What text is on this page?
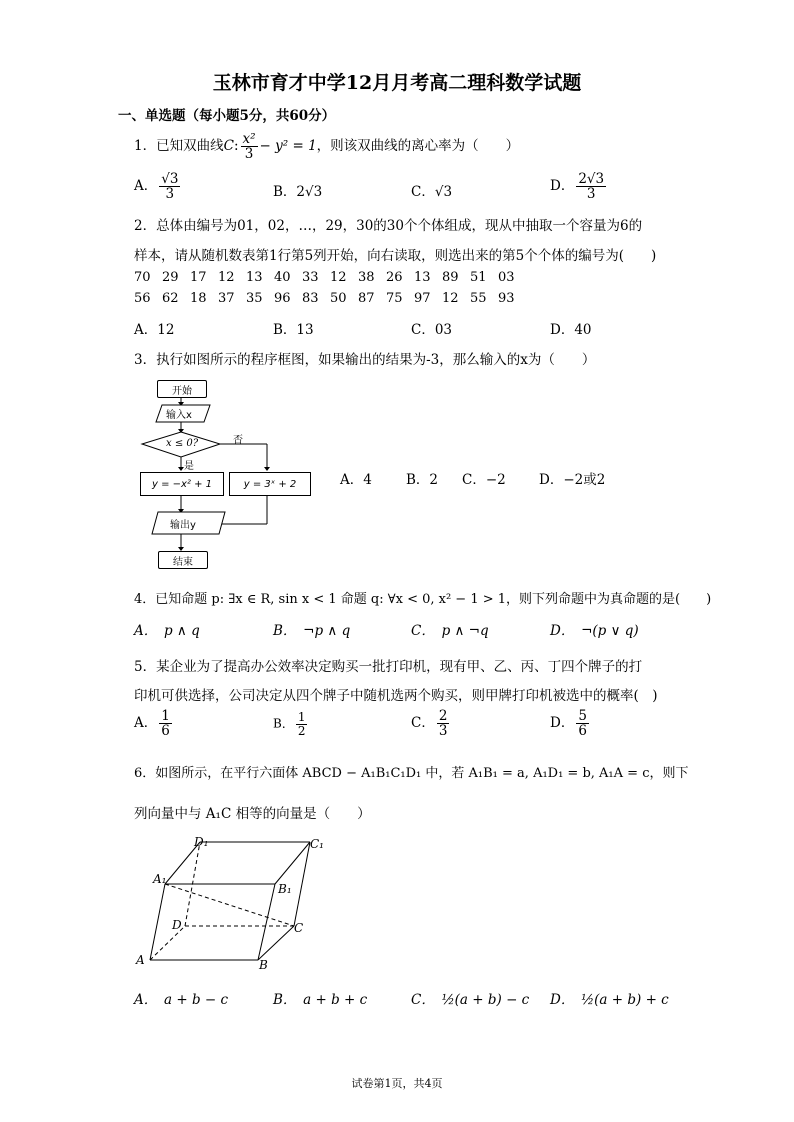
玉林市育才中学12月月考高二理科数学试题
一、单选题（每小题5分，共60分）
1．已知双曲线C: $\frac{\text{x²}}{3} - y^2 = 1$，则该双曲线的离心率为（　　）
A． $\frac{√3}{3}$	B．2√3	C．√3	D． $\frac{2√3}{3}$
2．总体由编号为01，02，…，29，30的30个个体组成，现从中抽取一个容量为6的
样本，请从随机数表第1行第5列开始，向右读取，则选出来的第5个个体的编号为(　　)
70 29 17 12 13 40 33 12 38 26 13 89 51 03
56 62 18 37 35 96 83 50 87 75 97 12 55 93
A．12	B．13	C．03	D．40
3．执行如图所示的程序框图，如果输出的结果为-3，那么输入的x为（　　）
开始
输入x
x ≤ 0?	否
是
y = −x² + 1	y = 3ˣ + 2
输出y
结束
A．4	B．2 C．−2 D．−2或2
4．已知命题 p: ∃x ∈ R, sin x < 1 命题 q: ∀x < 0, x² − 1 > 1，则下列命题中为真命题的是(　　)
A．　p ∧ q	B．　¬p ∧ q	C．　p ∧ ¬q	D．　¬(p ∨ q)
5．某企业为了提高办公效率决定购买一批打印机，现有甲、乙、丙、丁四个牌子的打
印机可供选择，公司决定从四个牌子中随机选两个购买，则甲牌打印机被选中的概率(　)
A． $\frac{1}{6}$	B． $\frac{1}{2}$	C． $\frac{2}{3}$	D． $\frac{5}{6}$
6．如图所示，在平行六面体 ABCD − A₁B₁C₁D₁ 中，若 A₁B₁ = a, A₁D₁ = b, A₁A = c，则下
列向量中与 A₁C 相等的向量是（　　）
D₁	C₁
A₁
B₁
D	C
A	B
A．　a + b − c	B．　a + b + c	C．　½(a + b) − c D．　½(a + b) + c
试卷第1页，共4页
